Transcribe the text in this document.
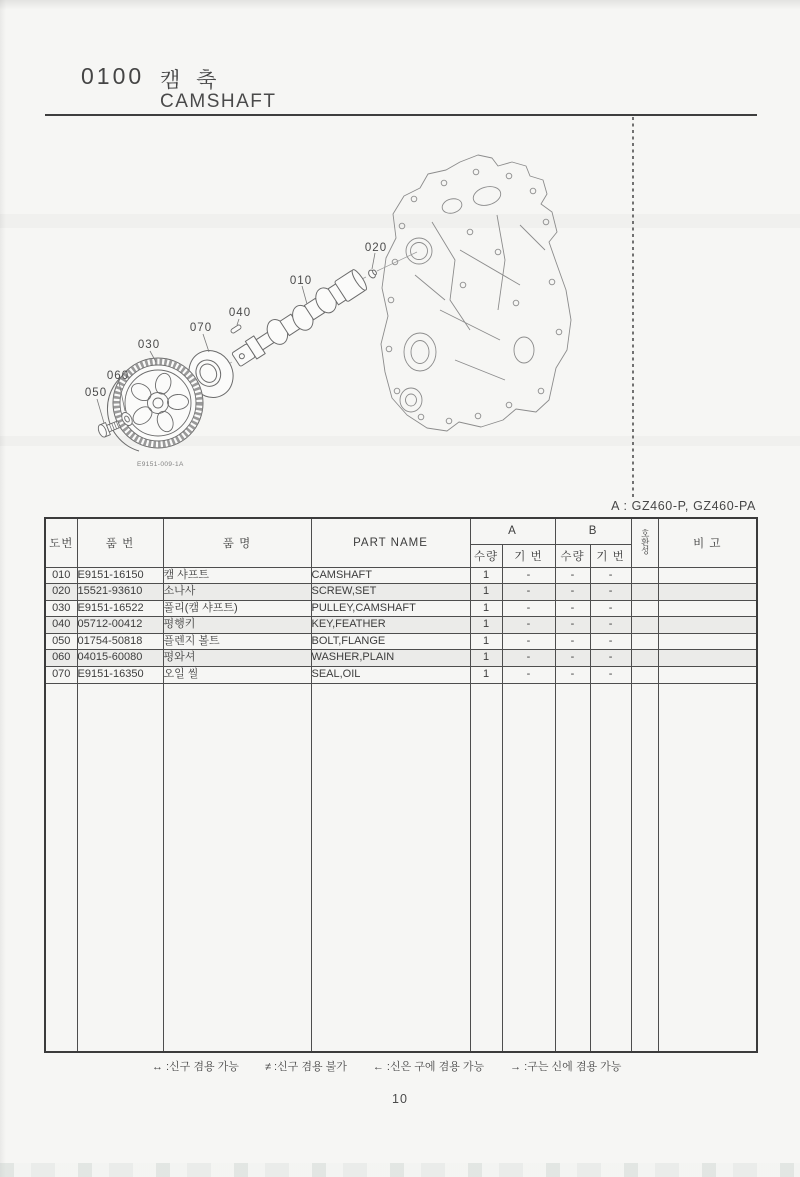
0100 캠 축
CAMSHAFT
010
020
030
040
050
060
070
E9151-009-1A
A : GZ460-P, GZ460-PA
도번	품 번	품 명	PART NAME	A		B		호환성	비 고
				수량	기 번	수량	기 번		
010	E9151-16150	캠 샤프트	CAMSHAFT	1	-	-	-		
020	15521-93610	소나사	SCREW,SET	1	-	-	-		
030	E9151-16522	풀리(캠 샤프트)	PULLEY,CAMSHAFT	1	-	-	-		
040	05712-00412	평행키	KEY,FEATHER	1	-	-	-		
050	01754-50818	플렌지 볼트	BOLT,FLANGE	1	-	-	-		
060	04015-60080	평와셔	WASHER,PLAIN	1	-	-	-		
070	E9151-16350	오일 씰	SEAL,OIL	1	-	-	-		

↔ :신구 겸용 가능 ≠ :신구 겸용 불가 ← :신은 구에 겸용 가능 → :구는 신에 겸용 가능
10
